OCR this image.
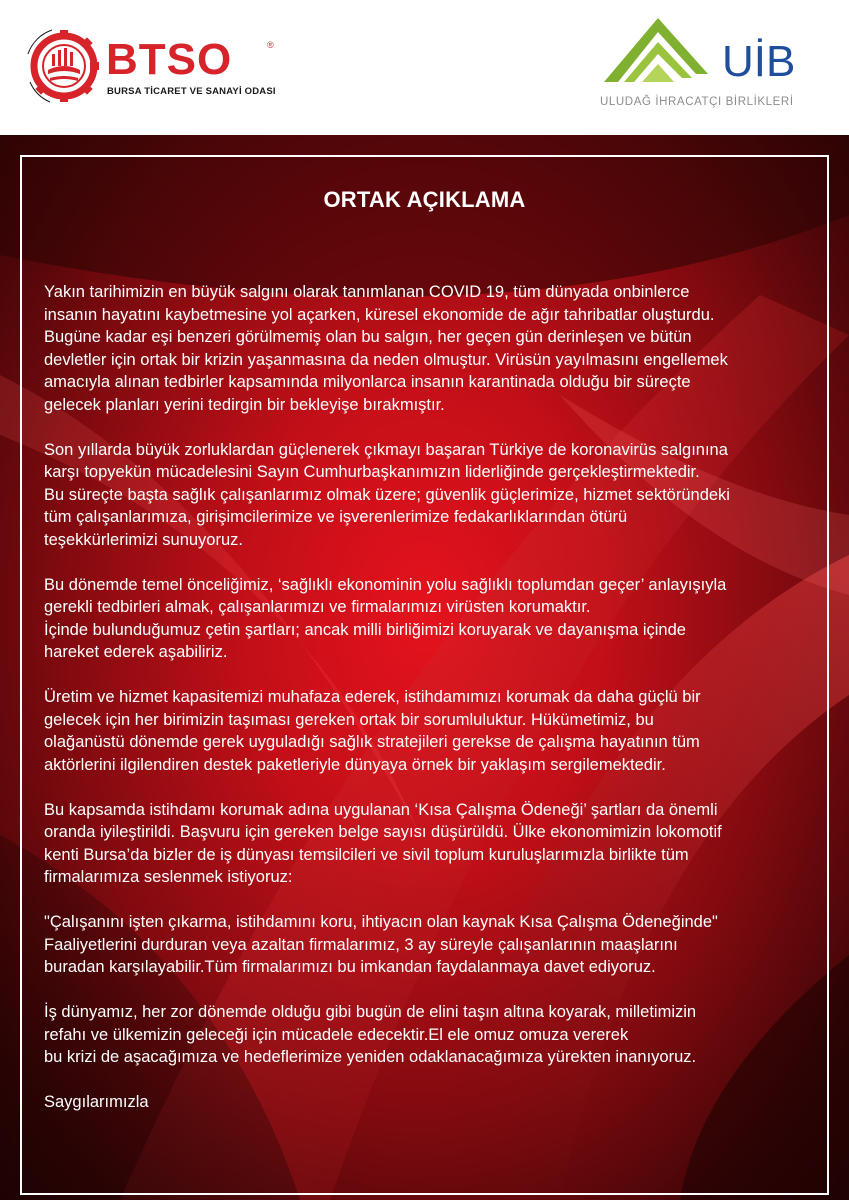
BTSO	®
BURSA TİCARET VE SANAYİ ODASI
UİB
ULUDAĞ İHRACATÇI BİRLİKLERİ
ORTAK AÇIKLAMA
Yakın tarihimizin en büyük salgını olarak tanımlanan COVID 19, tüm dünyada onbinlerce
insanın hayatını kaybetmesine yol açarken, küresel ekonomide de ağır tahribatlar oluşturdu.
Bugüne kadar eşi benzeri görülmemiş olan bu salgın, her geçen gün derinleşen ve bütün
devletler için ortak bir krizin yaşanmasına da neden olmuştur. Virüsün yayılmasını engellemek
amacıyla alınan tedbirler kapsamında milyonlarca insanın karantinada olduğu bir süreçte
gelecek planları yerini tedirgin bir bekleyişe bırakmıştır.
Son yıllarda büyük zorluklardan güçlenerek çıkmayı başaran Türkiye de koronavirüs salgınına
karşı topyekün mücadelesini Sayın Cumhurbaşkanımızın liderliğinde gerçekleştirmektedir.
Bu süreçte başta sağlık çalışanlarımız olmak üzere; güvenlik güçlerimize, hizmet sektöründeki
tüm çalışanlarımıza, girişimcilerimize ve işverenlerimize fedakarlıklarından ötürü
teşekkürlerimizi sunuyoruz.
Bu dönemde temel önceliğimiz, ‘sağlıklı ekonominin yolu sağlıklı toplumdan geçer’ anlayışıyla
gerekli tedbirleri almak, çalışanlarımızı ve firmalarımızı virüsten korumaktır.
İçinde bulunduğumuz çetin şartları; ancak milli birliğimizi koruyarak ve dayanışma içinde
hareket ederek aşabiliriz.
Üretim ve hizmet kapasitemizi muhafaza ederek, istihdamımızı korumak da daha güçlü bir
gelecek için her birimizin taşıması gereken ortak bir sorumluluktur. Hükümetimiz, bu
olağanüstü dönemde gerek uyguladığı sağlık stratejileri gerekse de çalışma hayatının tüm
aktörlerini ilgilendiren destek paketleriyle dünyaya örnek bir yaklaşım sergilemektedir.
Bu kapsamda istihdamı korumak adına uygulanan ‘Kısa Çalışma Ödeneği’ şartları da önemli
oranda iyileştirildi. Başvuru için gereken belge sayısı düşürüldü. Ülke ekonomimizin lokomotif
kenti Bursa’da bizler de iş dünyası temsilcileri ve sivil toplum kuruluşlarımızla birlikte tüm
firmalarımıza seslenmek istiyoruz:
"Çalışanını işten çıkarma, istihdamını koru, ihtiyacın olan kaynak Kısa Çalışma Ödeneğinde"
Faaliyetlerini durduran veya azaltan firmalarımız, 3 ay süreyle çalışanlarının maaşlarını
buradan karşılayabilir.Tüm firmalarımızı bu imkandan faydalanmaya davet ediyoruz.
İş dünyamız, her zor dönemde olduğu gibi bugün de elini taşın altına koyarak, milletimizin
refahı ve ülkemizin geleceği için mücadele edecektir.El ele omuz omuza vererek
bu krizi de aşacağımıza ve hedeflerimize yeniden odaklanacağımıza yürekten inanıyoruz.
Saygılarımızla
